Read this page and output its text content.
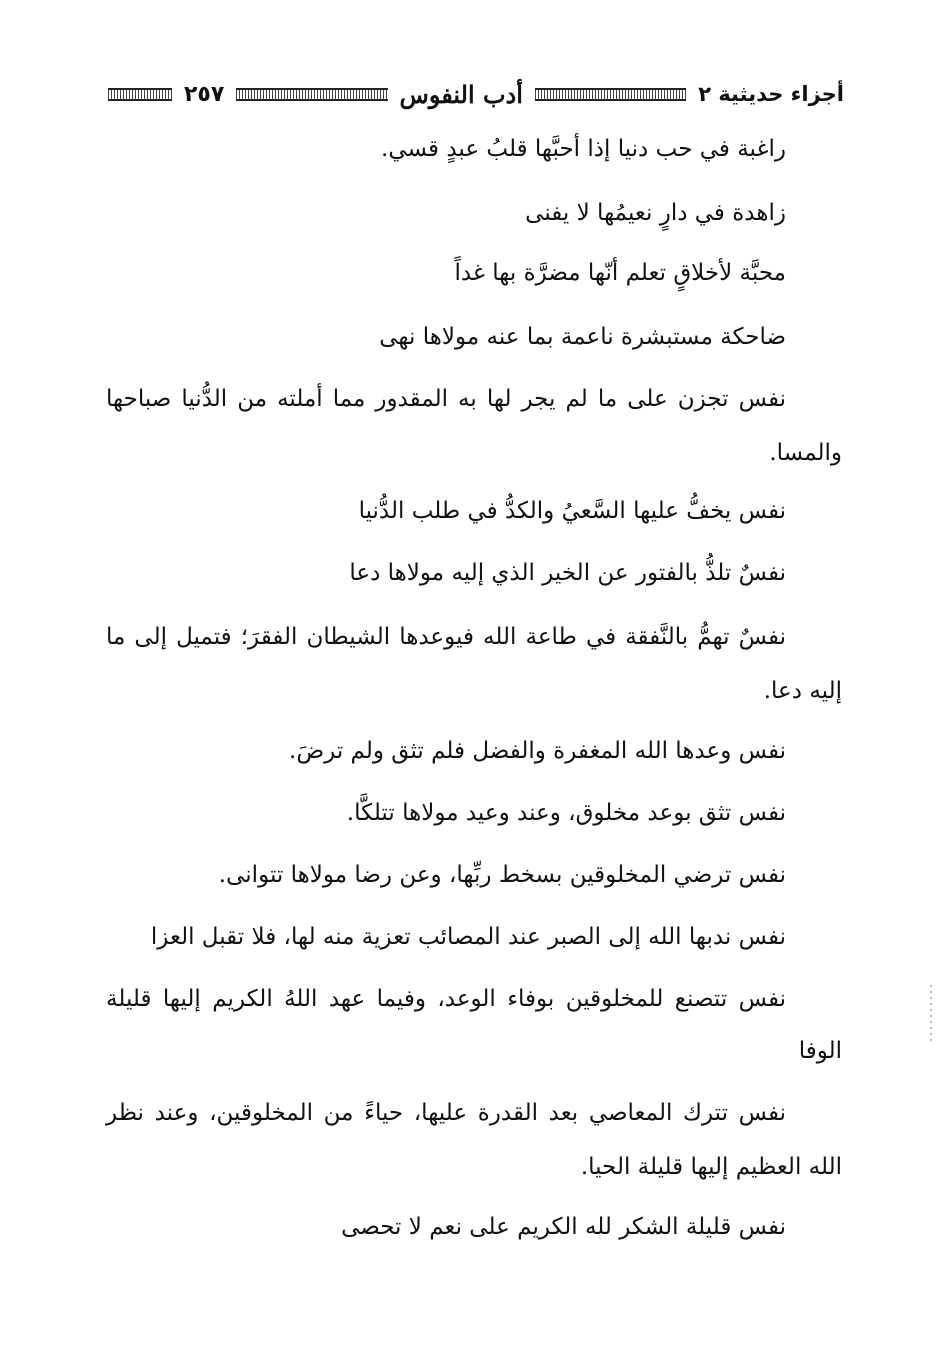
أجزاء حديثية ٢
أدب النفوس
٢٥٧
راغبة في حب دنيا إذا أحبَّها قلبُ عبدٍ قسي.
زاهدة في دارٍ نعيمُها لا يفنى
محبَّة لأخلاقٍ تعلم أنّها مضرَّة بها غداً
ضاحكة مستبشرة ناعمة بما عنه مولاها نهى
نفس تجزن على ما لم يجر لها به المقدور مما أملته من الدُّنيا صباحها
والمسا.
نفس يخفُّ عليها السَّعيُ والكدُّ في طلب الدُّنيا
نفسٌ تلذُّ بالفتور عن الخير الذي إليه مولاها دعا
نفسٌ تهمُّ بالنَّفقة في طاعة الله فيوعدها الشيطان الفقرَ؛ فتميل إلى ما
إليه دعا.
نفس وعدها الله المغفرة والفضل فلم تثق ولم ترضَ.
نفس تثق بوعد مخلوق، وعند وعيد مولاها تتلكَّا.
نفس ترضي المخلوقين بسخط ربِّها، وعن رضا مولاها تتوانى.
نفس ندبها الله إلى الصبر عند المصائب تعزية منه لها، فلا تقبل العزا
نفس تتصنع للمخلوقين بوفاء الوعد، وفيما عهد اللهُ الكريم إليها قليلة
الوفا
نفس تترك المعاصي بعد القدرة عليها، حياءً من المخلوقين، وعند نظر
الله العظيم إليها قليلة الحيا.
نفس قليلة الشكر لله الكريم على نعم لا تحصى
